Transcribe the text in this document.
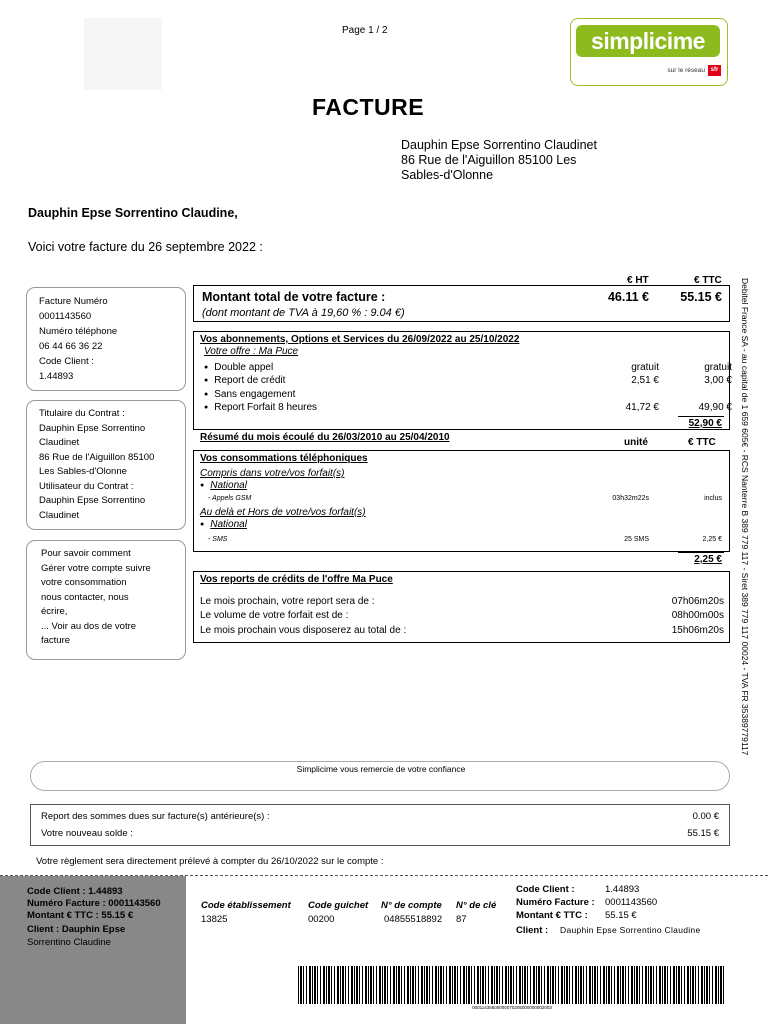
Page 1 / 2	simplicime
sur le réseau sfr
FACTURE
Dauphin Epse Sorrentino Claudinet
86 Rue de l'Aiguillon 85100 Les
Sables-d'Olonne
Dauphin Epse Sorrentino Claudine,
Voici votre facture du 26 septembre 2022 :
Facture Numéro
0001143560
Numéro téléphone
06 44 66 36 22
Code Client :
1.44893
Titulaire du Contrat :
Dauphin Epse Sorrentino
Claudinet
86 Rue de l'Aiguillon 85100
Les Sables-d'Olonne
Utilisateur du Contrat :
Dauphin Epse Sorrentino
Claudinet
Pour savoir comment
Gérer votre compte suivre
votre consommation
nous contacter, nous
écrire,
... Voir au dos de votre
facture	Debitel France SA - au capital de 1 659 605€ - RCS Nanterre B 389 779 117 - Siret 389 779 117 00024 - TVA FR 35389779117
€ HT	€ TTC
Montant total de votre facture :	46.11 €	55.15 €
(dont montant de TVA à 19,60 % : 9.04 €)
Vos abonnements, Options et Services du 26/09/2022 au 25/10/2022
Votre offre : Ma Puce
● Double appel	gratuit	gratuit
● Report de crédit	2,51 €	3,00 €
● Sans engagement
● Report Forfait 8 heures	41,72 €	49,90 €
52,90 €
Résumé du mois écoulé du 26/03/2010 au 25/04/2010	unité	€ TTC
Vos consommations téléphoniques
Compris dans votre/vos forfait(s)
● National
- Appels GSM	03h32m22s	inclus
Au delà et Hors de votre/vos forfait(s)
● National
- SMS	25 SMS	2,25 €
2,25 €
Vos reports de crédits de l'offre Ma Puce
Le mois prochain, votre report sera de :	07h06m20s
Le volume de votre forfait est de :	08h00m00s
Le mois prochain vous disposerez au total de :	15h06m20s
Simplicime vous remercie de votre confiance
Report des sommes dues sur facture(s) antérieure(s) :	0.00 €
Votre nouveau solde :	55.15 €
Votre règlement sera directement prélevé à compter du 26/10/2022 sur le compte :
Code Client : 1.44893
Numéro Facture : 0001143560
Montant € TTC : 55.15 €
Client : Dauphin Epse
Sorrentino Claudine
Code établissement Code guichet N° de compte N° de clé
13825	00200	04855518892 87
Code Client :	1.44893
Numéro Facture : 0001143560
Montant € TTC : 55.15 €
Client : Dauphin Epse Sorrentino Claudine
00011435600000070205000000002003
